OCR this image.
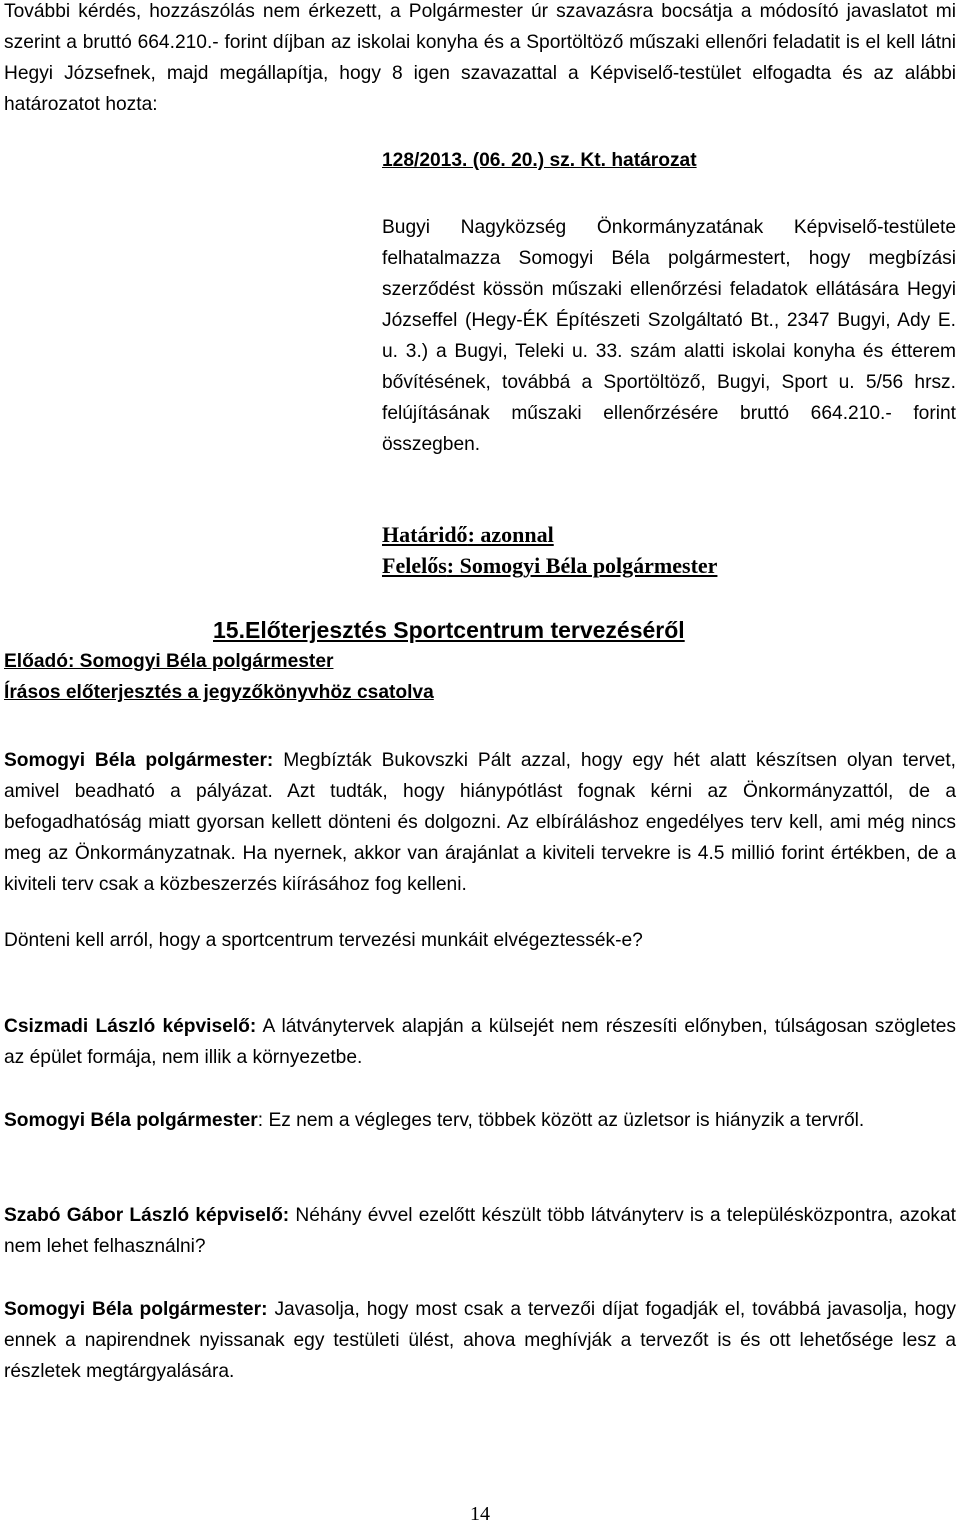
További kérdés, hozzászólás nem érkezett, a Polgármester úr szavazásra bocsátja a módosító javaslatot mi szerint a bruttó 664.210.- forint díjban az iskolai konyha és a Sportöltöző műszaki ellenőri feladatit is el kell látni Hegyi Józsefnek, majd megállapítja, hogy 8 igen szavazattal a Képviselő-testület elfogadta és az alábbi határozatot hozta:

128/2013. (06. 20.) sz. Kt. határozat

Bugyi Nagyközség Önkormányzatának Képviselő-testülete felhatalmazza Somogyi Béla polgármestert, hogy megbízási szerződést kössön műszaki ellenőrzési feladatok ellátására Hegyi Józseffel (Hegy-ÉK Építészeti Szolgáltató Bt., 2347 Bugyi, Ady E. u. 3.) a Bugyi, Teleki u. 33. szám alatti iskolai konyha és étterem bővítésének, továbbá a Sportöltöző, Bugyi, Sport u. 5/56 hrsz. felújításának műszaki ellenőrzésére bruttó 664.210.- forint összegben.

Határidő: azonnal

Felelős: Somogyi Béla polgármester

15.Előterjesztés Sportcentrum tervezéséről

Előadó: Somogyi Béla polgármester

Írásos előterjesztés a jegyzőkönyvhöz csatolva

Somogyi Béla polgármester: Megbízták Bukovszki Pált azzal, hogy egy hét alatt készítsen olyan tervet, amivel beadható a pályázat. Azt tudták, hogy hiánypótlást fognak kérni az Önkormányzattól, de a befogadhatóság miatt gyorsan kellett dönteni és dolgozni. Az elbíráláshoz engedélyes terv kell, ami még nincs meg az Önkormányzatnak. Ha nyernek, akkor van árajánlat a kiviteli tervekre is 4.5 millió forint értékben, de a kiviteli terv csak a közbeszerzés kiírásához fog kelleni.

Dönteni kell arról, hogy a sportcentrum tervezési munkáit elvégeztessék-e?

Csizmadi László képviselő: A látványtervek alapján a külsejét nem részesíti előnyben, túlságosan szögletes az épület formája, nem illik a környezetbe.

Somogyi Béla polgármester: Ez nem a végleges terv, többek között az üzletsor is hiányzik a tervről.

Szabó Gábor László képviselő: Néhány évvel ezelőtt készült több látványterv is a településközpontra, azokat nem lehet felhasználni?

Somogyi Béla polgármester: Javasolja, hogy most csak a tervezői díjat fogadják el, továbbá javasolja, hogy ennek a napirendnek nyissanak egy testületi ülést, ahova meghívják a tervezőt is és ott lehetősége lesz a részletek megtárgyalására.

14
